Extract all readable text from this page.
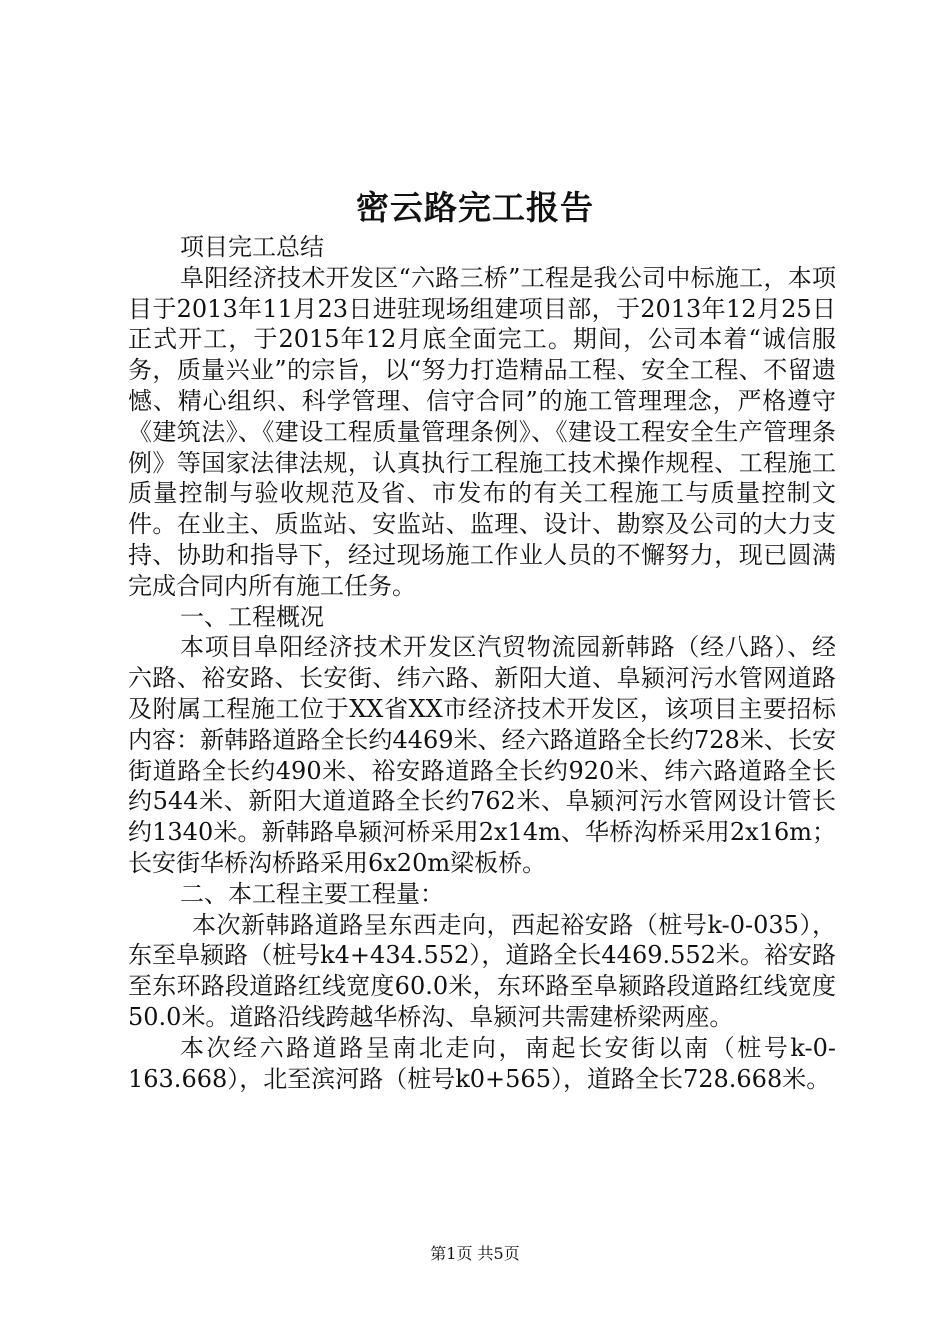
密云路完工报告

项目完工总结

阜阳经济技术开发区“六路三桥”工程是我公司中标施工，本项目于2013年11月23日进驻现场组建项目部，于2013年12月25日正式开工，于2015年12月底全面完工。期间，公司本着“诚信服务，质量兴业”的宗旨，以“努力打造精品工程、安全工程、不留遗憾、精心组织、科学管理、信守合同”的施工管理理念，严格遵守《建筑法》、《建设工程质量管理条例》、《建设工程安全生产管理条例》等国家法律法规，认真执行工程施工技术操作规程、工程施工质量控制与验收规范及省、市发布的有关工程施工与质量控制文件。在业主、质监站、安监站、监理、设计、勘察及公司的大力支持、协助和指导下，经过现场施工作业人员的不懈努力，现已圆满完成合同内所有施工任务。

一、工程概况

本项目阜阳经济技术开发区汽贸物流园新韩路（经八路）、经六路、裕安路、长安街、纬六路、新阳大道、阜颍河污水管网道路及附属工程施工位于XX省XX市经济技术开发区，该项目主要招标内容：新韩路道路全长约4469米、经六路道路全长约728米、长安街道路全长约490米、裕安路道路全长约920米、纬六路道路全长约544米、新阳大道道路全长约762米、阜颍河污水管网设计管长约1340米。新韩路阜颍河桥采用2x14m、华桥沟桥采用2x16m；长安街华桥沟桥路采用6x20m梁板桥。

二、本工程主要工程量：

本次新韩路道路呈东西走向，西起裕安路（桩号k-0-035），东至阜颍路（桩号k4+434.552），道路全长4469.552米。裕安路至东环路段道路红线宽度60.0米，东环路至阜颍路段道路红线宽度50.0米。道路沿线跨越华桥沟、阜颍河共需建桥梁两座。

本次经六路道路呈南北走向，南起长安街以南（桩号k-0-163.668），北至滨河路（桩号k0+565），道路全长728.668米。

第1页 共5页
